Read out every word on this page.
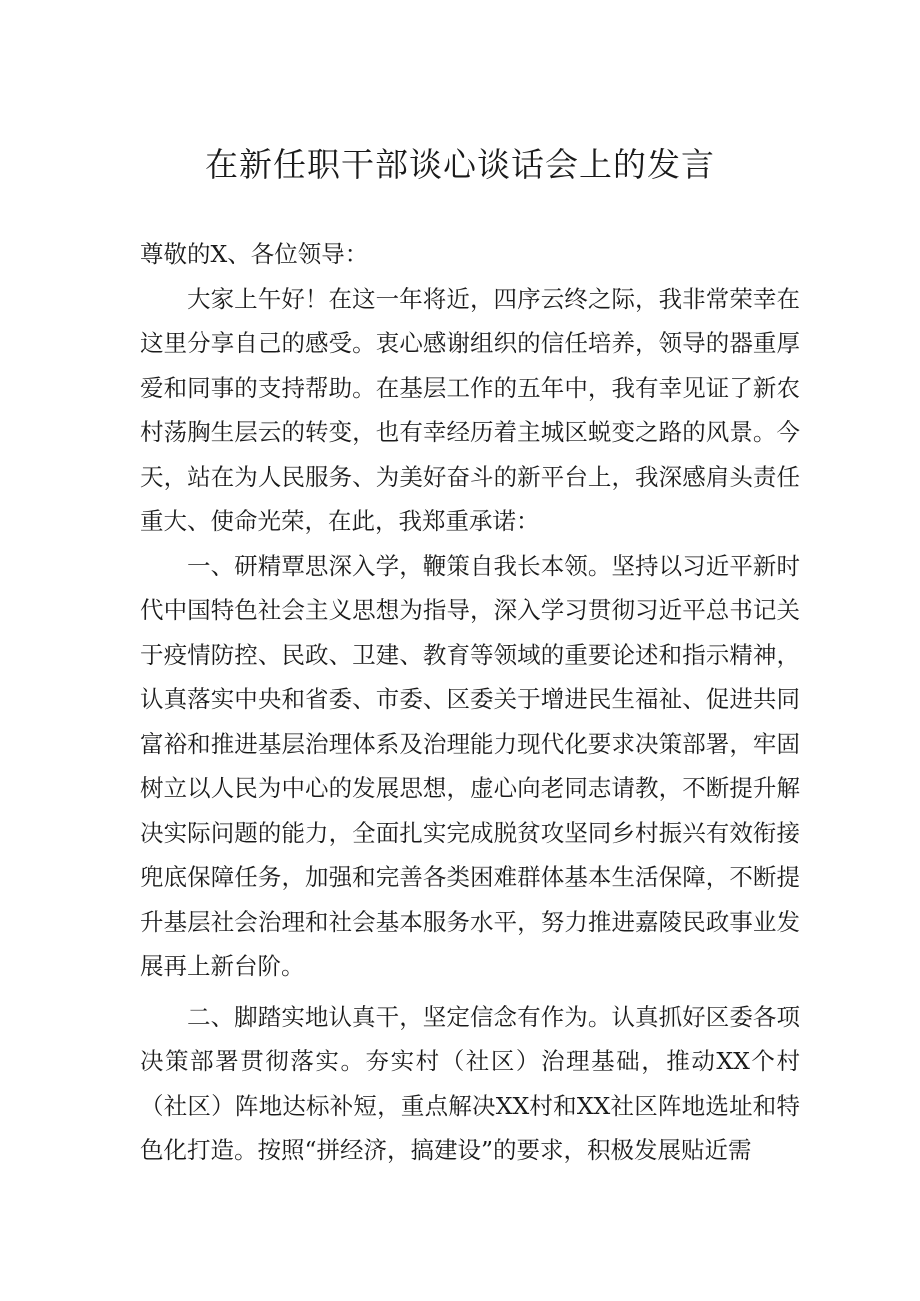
在新任职干部谈心谈话会上的发言

尊敬的X、各位领导：

大家上午好！在这一年将近，四序云终之际，我非常荣幸在这里分享自己的感受。衷心感谢组织的信任培养，领导的器重厚爱和同事的支持帮助。在基层工作的五年中，我有幸见证了新农村荡胸生层云的转变，也有幸经历着主城区蜕变之路的风景。今天，站在为人民服务、为美好奋斗的新平台上，我深感肩头责任重大、使命光荣，在此，我郑重承诺：

一、研精覃思深入学，鞭策自我长本领。坚持以习近平新时代中国特色社会主义思想为指导，深入学习贯彻习近平总书记关于疫情防控、民政、卫建、教育等领域的重要论述和指示精神，认真落实中央和省委、市委、区委关于增进民生福祉、促进共同富裕和推进基层治理体系及治理能力现代化要求决策部署，牢固树立以人民为中心的发展思想，虚心向老同志请教，不断提升解决实际问题的能力，全面扎实完成脱贫攻坚同乡村振兴有效衔接兜底保障任务，加强和完善各类困难群体基本生活保障，不断提升基层社会治理和社会基本服务水平，努力推进嘉陵民政事业发展再上新台阶。

二、脚踏实地认真干，坚定信念有作为。认真抓好区委各项决策部署贯彻落实。夯实村（社区）治理基础，推动XX个村（社区）阵地达标补短，重点解决XX村和XX社区阵地选址和特色化打造。按照“拼经济，搞建设”的要求，积极发展贴近需
